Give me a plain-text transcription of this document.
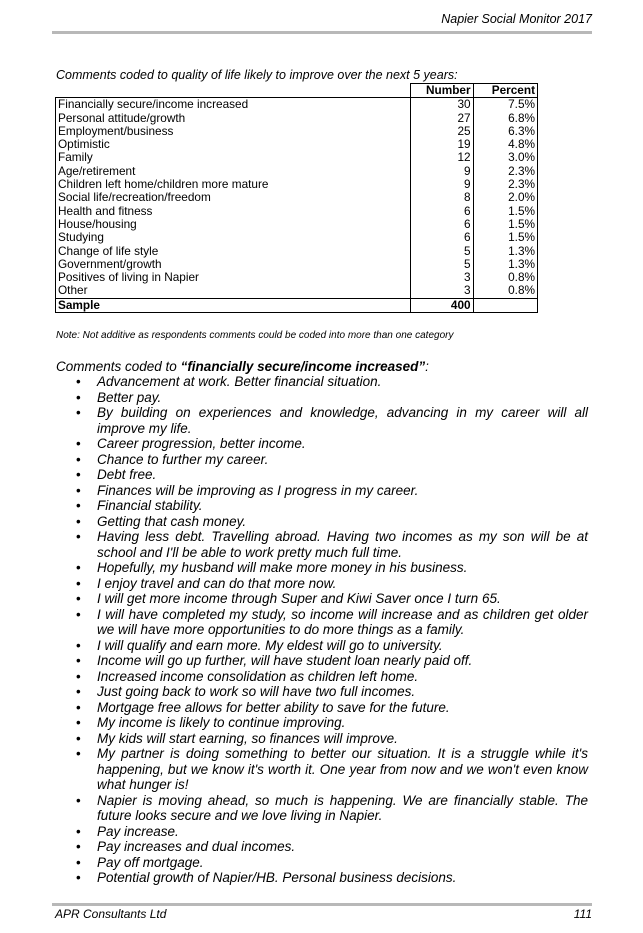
Napier Social Monitor 2017
Comments coded to quality of life likely to improve over the next 5 years:
	Number	Percent
Financially secure/income increased	30	7.5%
Personal attitude/growth	27	6.8%
Employment/business	25	6.3%
Optimistic	19	4.8%
Family	12	3.0%
Age/retirement	9	2.3%
Children left home/children more mature	9	2.3%
Social life/recreation/freedom	8	2.0%
Health and fitness	6	1.5%
House/housing	6	1.5%
Studying	6	1.5%
Change of life style	5	1.3%
Government/growth	5	1.3%
Positives of living in Napier	3	0.8%
Other	3	0.8%
Sample	400	
Note: Not additive as respondents comments could be coded into more than one category
Comments coded to “financially secure/income increased”:
• Advancement at work. Better financial situation.
• Better pay.
• By building on experiences and knowledge, advancing in my career will all improve my life.
• Career progression, better income.
• Chance to further my career.
• Debt free.
• Finances will be improving as I progress in my career.
• Financial stability.
• Getting that cash money.
• Having less debt. Travelling abroad. Having two incomes as my son will be at school and I'll be able to work pretty much full time.
• Hopefully, my husband will make more money in his business.
• I enjoy travel and can do that more now.
• I will get more income through Super and Kiwi Saver once I turn 65.
• I will have completed my study, so income will increase and as children get older we will have more opportunities to do more things as a family.
• I will qualify and earn more. My eldest will go to university.
• Income will go up further, will have student loan nearly paid off.
• Increased income consolidation as children left home.
• Just going back to work so will have two full incomes.
• Mortgage free allows for better ability to save for the future.
• My income is likely to continue improving.
• My kids will start earning, so finances will improve.
• My partner is doing something to better our situation. It is a struggle while it's happening, but we know it's worth it. One year from now and we won't even know what hunger is!
• Napier is moving ahead, so much is happening. We are financially stable. The future looks secure and we love living in Napier.
• Pay increase.
• Pay increases and dual incomes.
• Pay off mortgage.
• Potential growth of Napier/HB. Personal business decisions.
APR Consultants Ltd	111
